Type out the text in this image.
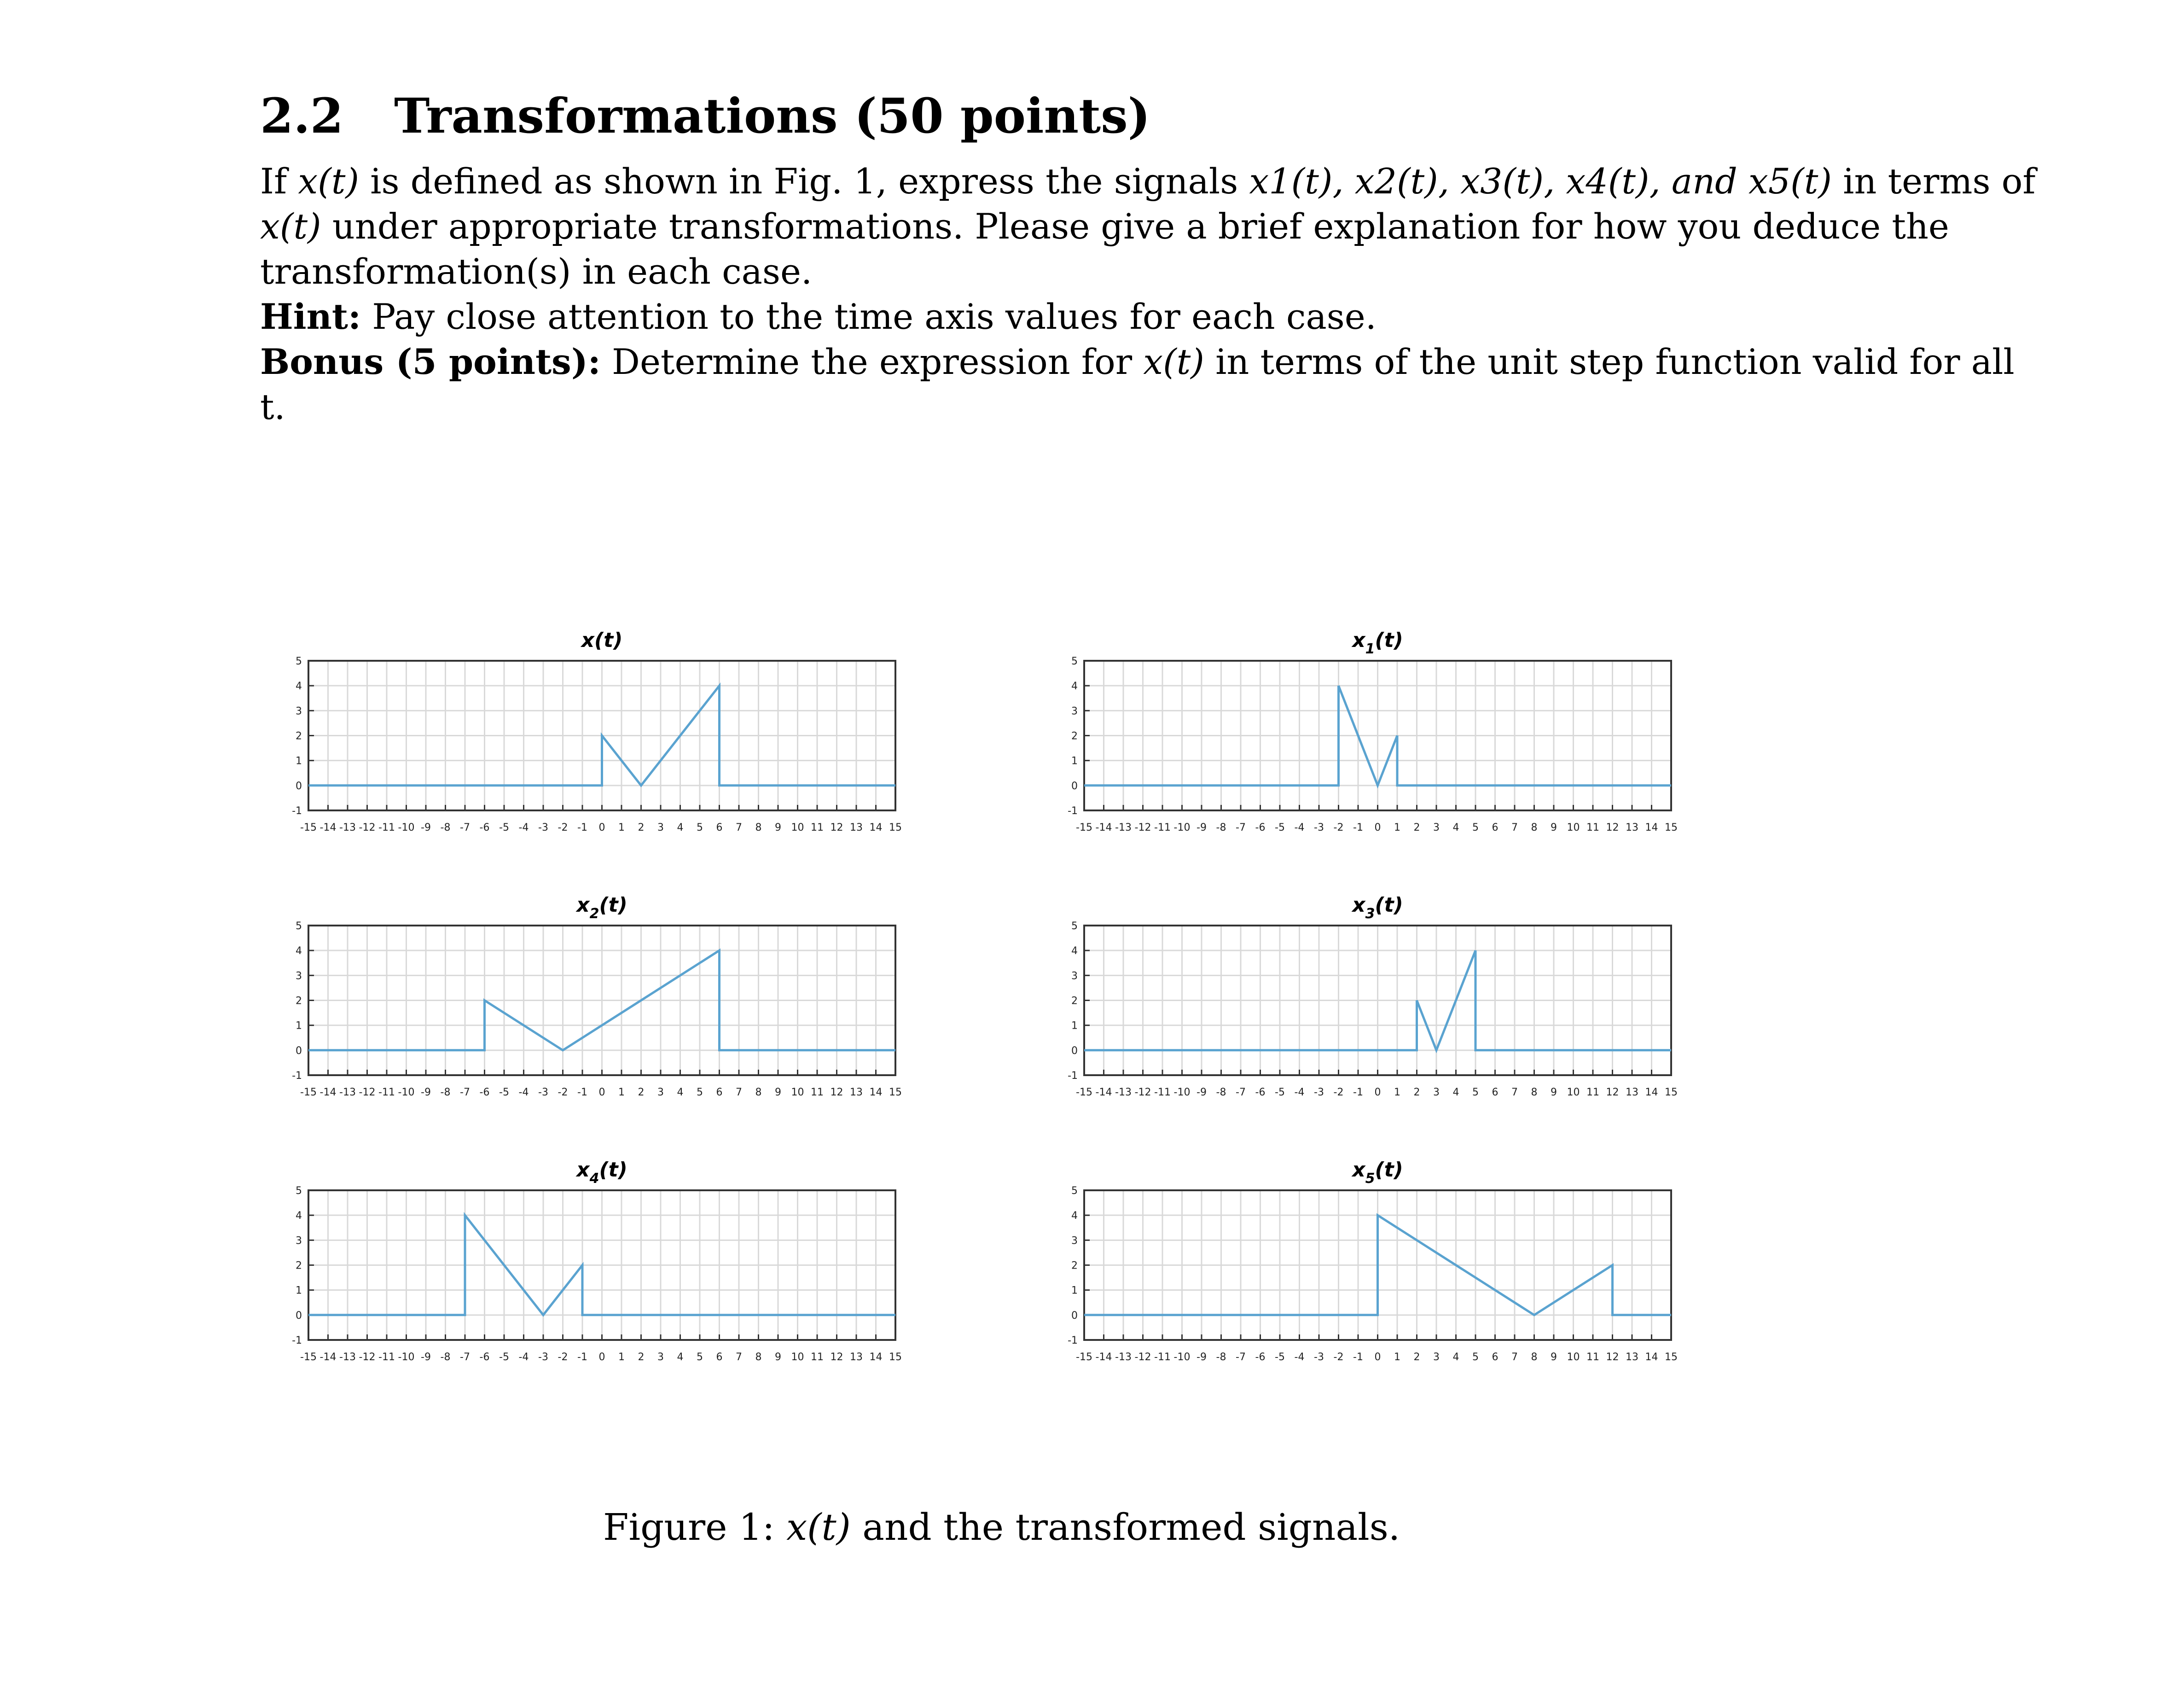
2.2 Transformations (50 points)

If x(t) is defined as shown in Fig. 1, express the signals x1(t), x2(t), x3(t), x4(t), and x5(t) in terms of x(t) under appropriate transformations. Please give a brief explanation for how you deduce the transformation(s) in each case.

Hint: Pay close attention to the time axis values for each case.

Bonus (5 points): Determine the expression for x(t) in terms of the unit step function valid for all t.

-15 -14 -13 -12 -11 -10 -9 -8 -7 -6 -5 -4 -3 -2 -1 0 1 2 3 4 5 6 7 8 9 10 11 12 13 14 15
-1
0
1
2
3
4
5
x(t)
-15 -14 -13 -12 -11 -10 -9 -8 -7 -6 -5 -4 -3 -2 -1 0 1 2 3 4 5 6 7 8 9 10 11 12 13 14 15
-1
0
1
2
3
4
5
$x_1(t)$
-15 -14 -13 -12 -11 -10 -9 -8 -7 -6 -5 -4 -3 -2 -1 0 1 2 3 4 5 6 7 8 9 10 11 12 13 14 15
-1
0
1
2
3
4
5
$x_2(t)$
-15 -14 -13 -12 -11 -10 -9 -8 -7 -6 -5 -4 -3 -2 -1 0 1 2 3 4 5 6 7 8 9 10 11 12 13 14 15
-1
0
1
2
3
4
5
$x_3(t)$
-15 -14 -13 -12 -11 -10 -9 -8 -7 -6 -5 -4 -3 -2 -1 0 1 2 3 4 5 6 7 8 9 10 11 12 13 14 15
-1
0
1
2
3
4
5
$x_4(t)$
-15 -14 -13 -12 -11 -10 -9 -8 -7 -6 -5 -4 -3 -2 -1 0 1 2 3 4 5 6 7 8 9 10 11 12 13 14 15
-1
0
1
2
3
4
5
$x_5(t)$
Figure 1: x(t) and the transformed signals.
